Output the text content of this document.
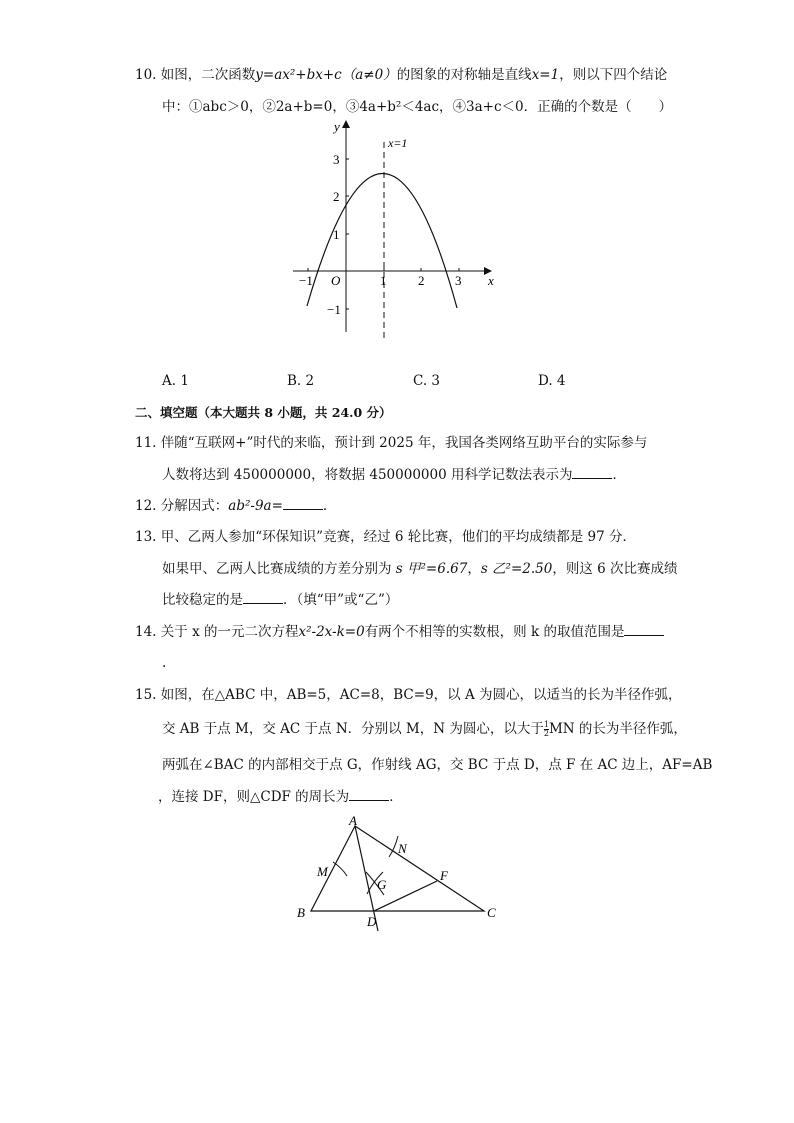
10. 如图，二次函数y=ax²+bx+c（a≠0）的图象的对称轴是直线x=1，则以下四个结论
中：①abc＞0，②2a+b=0，③4a+b²＜4ac，④3a+c＜0．正确的个数是（　　）
y
x
x=1
O
−1	1 2 3
3
2
1
−1
A. 1	B. 2	C. 3	D. 4
二、填空题（本大题共 8 小题，共 24.0 分）
11. 伴随“互联网+”时代的来临，预计到 2025 年，我国各类网络互助平台的实际参与
人数将达到 450000000，将数据 450000000 用科学记数法表示为	．
12. 分解因式：ab²-9a=	．
13. 甲、乙两人参加“环保知识”竞赛，经过 6 轮比赛，他们的平均成绩都是 97 分．
如果甲、乙两人比赛成绩的方差分别为 s 甲²=6.67，s 乙²=2.50，则这 6 次比赛成绩
比较稳定的是	．（填“甲”或“乙”）
14. 关于 x 的一元二次方程x²-2x-k=0有两个不相等的实数根，则 k 的取值范围是
.
15. 如图，在△ABC 中，AB=5，AC=8，BC=9，以 A 为圆心，以适当的长为半径作弧，
交 AB 于点 M，交 AC 于点 N．分别以 M，N 为圆心，以大于 $\frac{1}{2}$ MN 的长为半径作弧，
两弧在∠BAC 的内部相交于点 G，作射线 AG，交 BC 于点 D，点 F 在 AC 边上，AF=AB
，连接 DF，则△CDF 的周长为	．
A
B	C
D
F
G
M
N
